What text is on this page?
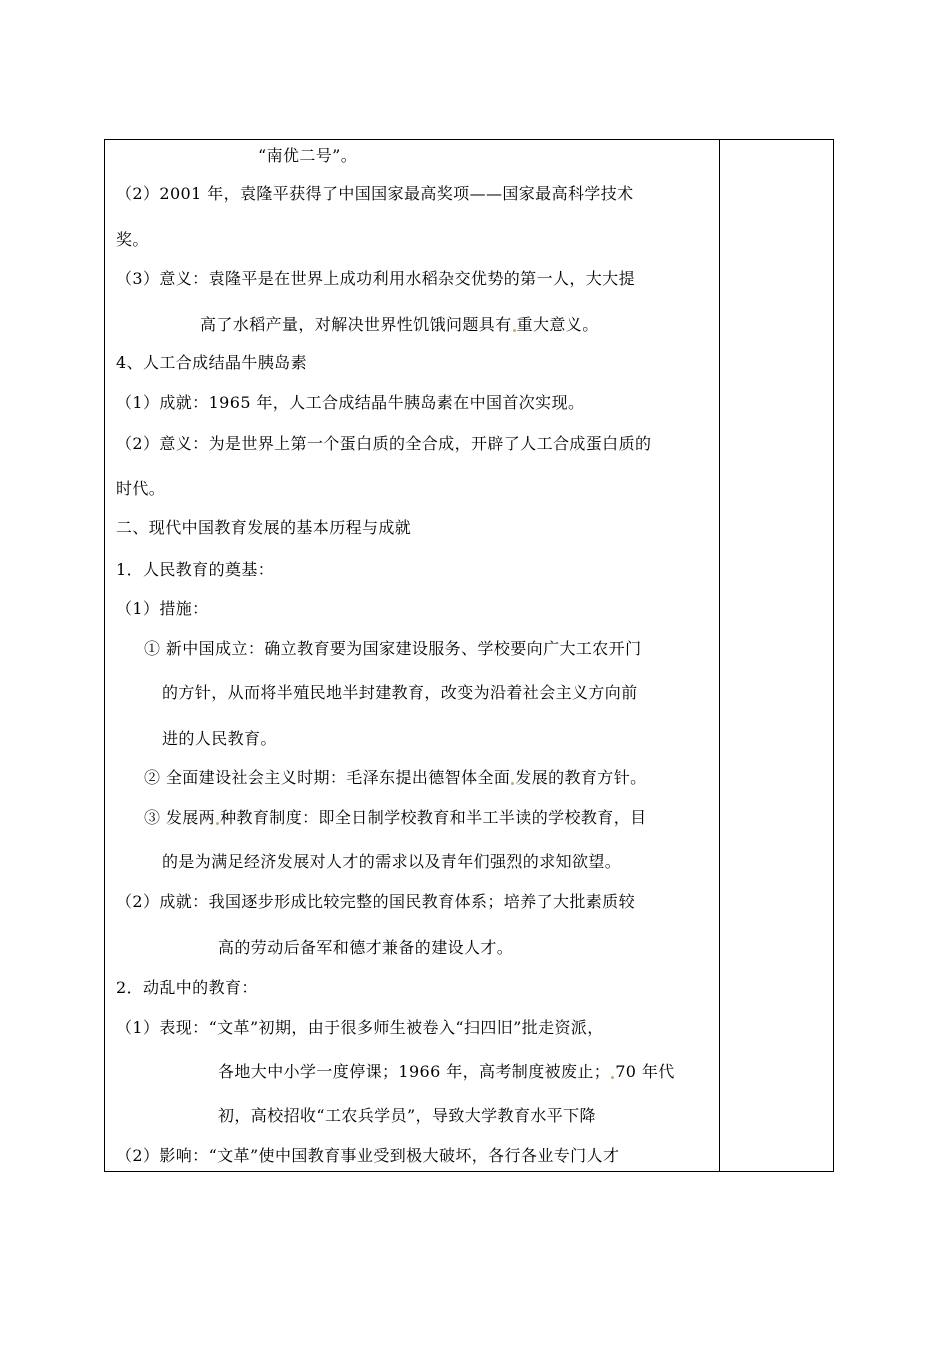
“南优二号”。
（2）2001 年，袁隆平获得了中国国家最高奖项——国家最高科学技术
奖。
（3）意义：袁隆平是在世界上成功利用水稻杂交优势的第一人，大大提
高了水稻产量，对解决世界性饥饿问题具有 重大意义。
4、人工合成结晶牛胰岛素
（1）成就：1965 年，人工合成结晶牛胰岛素在中国首次实现。
（2）意义：为是世界上第一个蛋白质的全合成，开辟了人工合成蛋白质的
时代。
二、现代中国教育发展的基本历程与成就
1．人民教育的奠基：
（1）措施：
① 新中国成立：确立教育要为国家建设服务、学校要向广大工农开门
的方针，从而将半殖民地半封建教育，改变为沿着社会主义方向前
进的人民教育。
② 全面建设社会主义时期：毛泽东提出德智体全面 发展的教育方针。
③ 发展两 种教育制度：即全日制学校教育和半工半读的学校教育，目
的是为满足经济发展对人才的需求以及青年们强烈的求知欲望。
（2）成就：我国逐步形成比较完整的国民教育体系；培养了大批素质较
高的劳动后备军和德才兼备的建设人才。
2．动乱中的教育：
（1）表现：“文革”初期，由于很多师生被卷入“扫四旧”批走资派，
各地大中小学一度停课；1966 年，高考制度被废止； 70 年代
初，高校招收“工农兵学员”，导致大学教育水平下降
（2）影响：“文革”使中国教育事业受到极大破坏，各行各业专门人才
